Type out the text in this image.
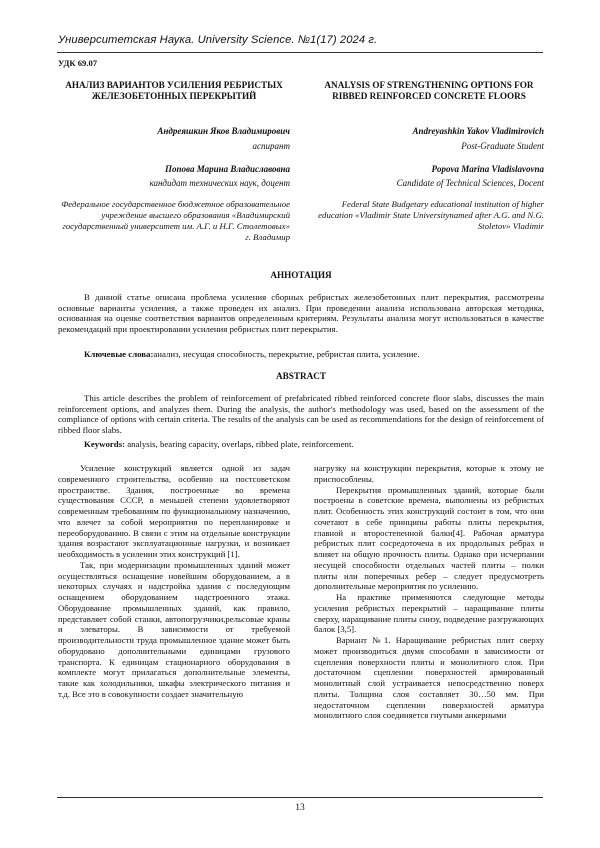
Университетская Наука. University Science. №1(17) 2024 г.
УДК 69.07
АНАЛИЗ ВАРИАНТОВ УСИЛЕНИЯ РЕБРИСТЫХ ЖЕЛЕЗОБЕТОННЫХ ПЕРЕКРЫТИЙ
Андреяшкин Яков Владимирович
аспирант
Попова Марина Владиславовна
кандидат технических наук, доцент
Федеральное государственное бюджетное образовательное учреждение высшего образования «Владимирский государственный университет им. А.Г. и Н.Г. Столетовых» г. Владимир
ANALYSIS OF STRENGTHENING OPTIONS FOR RIBBED REINFORCED CONCRETE FLOORS
Andreyashkin Yakov Vladimirovich
Post-Graduate Student
Popova Marina Vladislavovna
Candidate of Technical Sciences, Docent
Federal State Budgetary educational institution of higher education «Vladimir State Universitynamed after A.G. and N.G. Stoletov» Vladimir
АННОТАЦИЯ
В данной статье описана проблема усиления сборных ребристых железобетонных плит перекрытия, рассмотрены основные варианты усиления, а также проведен их анализ. При проведении анализа использована авторская методика, основанная на оценке соответствия вариантов определенным критериям. Результаты анализа могут использоваться в качестве рекомендаций при проектировании усиления ребристых плит перекрытия.
Ключевые слова:анализ, несущая способность, перекрытие, ребристая плита, усиление.
ABSTRACT
This article describes the problem of reinforcement of prefabricated ribbed reinforced concrete floor slabs, discusses the main reinforcement options, and analyzes them. During the analysis, the author's methodology was used, based on the assessment of the compliance of options with certain criteria. The results of the analysis can be used as recommendations for the design of reinforcement of ribbed floor slabs.
Keywords: analysis, bearing capacity, overlaps, ribbed plate, reinforcement.

Усиление конструкций является одной из задач современного строительства, особенно на постсоветском пространстве. Здания, построенные во времена существования СССР, в меньшей степени удовлетворяют современным требованиям по функциональному назначению, что влечет за собой мероприятия по перепланировке и переоборудованию. В связи с этим на отдельные конструкции здания возрастают эксплуатационные нагрузки, и возникает необходимость в усилении этих конструкций [1].

Так, при модернизации промышленных зданий может осуществляться оснащение новейшим оборудованием, а в некоторых случаях и надстройка здания с последующим оснащением оборудованием надстроенного этажа. Оборудование промышленных зданий, как правило, представляет собой станки, автопогрузчики,рельсовые краны и элеваторы. В зависимости от требуемой производительности труда промышленное здание может быть оборудовано дополнительными единицами грузового транспорта. К единицам стационарного оборудования в комплекте могут прилагаться дополнительные элементы, такие как холодильники, шкафы электрического питания и т.д. Все это в совокупности создает значительную

нагрузку на конструкции перекрытия, которые к этому не приспособлены.

Перекрытия промышленных зданий, которые были построены в советские времена, выполнены из ребристых плит. Особенность этих конструкций состоит в том, что они сочетают в себе принципы работы плиты перекрытия, главной и второстепенной балки[4]. Рабочая арматура ребристых плит сосредоточена в их продольных ребрах и влияет на общую прочность плиты. Однако при исчерпании несущей способности отдельных частей плиты – полки плиты или поперечных ребер – следует предусмотреть дополнительные мероприятия по усилению.

На практике применяются следующие методы усиления ребристых перекрытий – наращивание плиты сверху, наращивание плиты снизу, подведение разгружающих балок [3,5].

Вариант №1. Наращивание ребристых плит сверху может производиться двумя способами в зависимости от сцепления поверхности плиты и монолитного слоя. При достаточном сцеплении поверхностей армированный монолитный слой устраивается непосредственно поверх плиты. Толщина слоя составляет 30…50 мм. При недостаточном сцеплении поверхностей арматура монолитного слоя соединяется гнутыми анкерными

13
